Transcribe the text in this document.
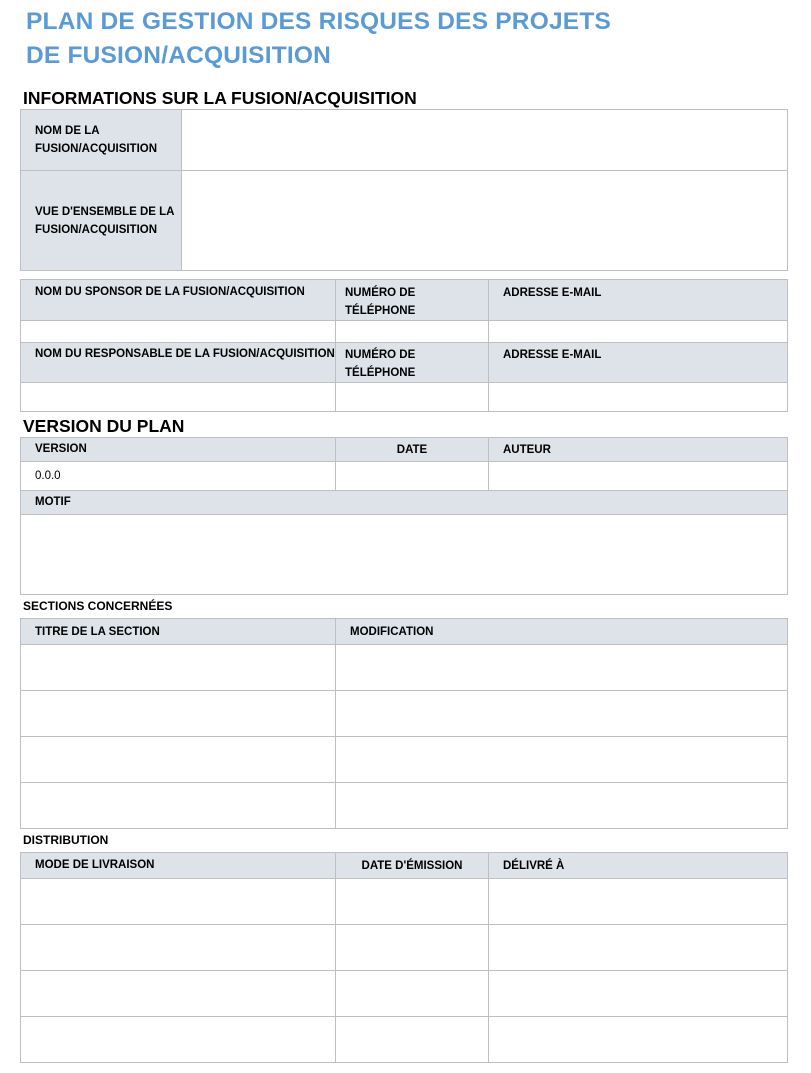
PLAN DE GESTION DES RISQUES DES PROJETS
DE FUSION/ACQUISITION
INFORMATIONS SUR LA FUSION/ACQUISITION
NOM DE LA
FUSION/ACQUISITION	

VUE D'ENSEMBLE DE LA
FUSION/ACQUISITION	

NOM DU SPONSOR DE LA FUSION/ACQUISITION	NUMÉRO DE TÉLÉPHONE	ADRESSE E-MAIL

NOM DU RESPONSABLE DE LA FUSION/ACQUISITION	NUMÉRO DE TÉLÉPHONE	ADRESSE E-MAIL

VERSION DU PLAN
VERSION	DATE	AUTEUR
0.0.0		
MOTIF		

SECTIONS CONCERNÉES
TITRE DE LA SECTION	MODIFICATION

DISTRIBUTION
MODE DE LIVRAISON	DATE D'ÉMISSION	DÉLIVRÉ À
